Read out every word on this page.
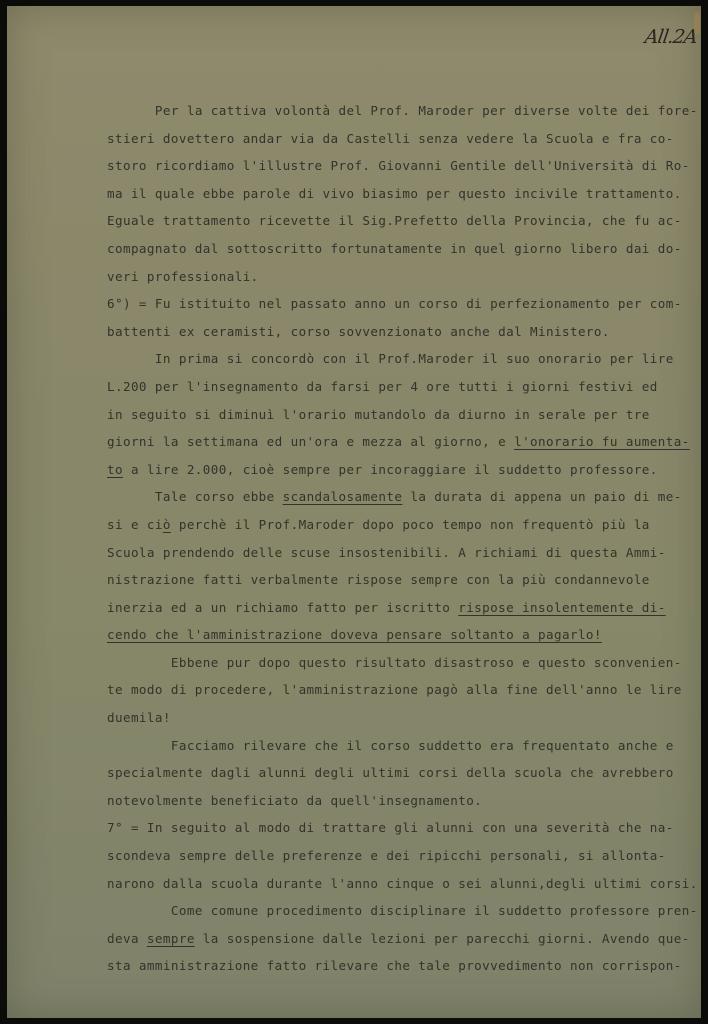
All.2A
Per la cattiva volontà del Prof. Maroder per diverse volte dei fore-
stieri dovettero andar via da Castelli senza vedere la Scuola e fra co-
storo ricordiamo l'illustre Prof. Giovanni Gentile dell'Università di Ro-
ma il quale ebbe parole di vivo biasimo per questo incivile trattamento.
Eguale trattamento ricevette il Sig.Prefetto della Provincia, che fu ac-
compagnato dal sottoscritto fortunatamente in quel giorno libero dai do-
veri professionali.
6°) = Fu istituito nel passato anno un corso di perfezionamento per com-
battenti ex ceramisti, corso sovvenzionato anche dal Ministero.
In prima si concordò con il Prof.Maroder il suo onorario per lire
L.200 per l'insegnamento da farsi per 4 ore tutti i giorni festivi ed
in seguito si diminuì l'orario mutandolo da diurno in serale per tre
giorni la settimana ed un'ora e mezza al giorno, e l'onorario fu aumenta-
to a lire 2.000, cioè sempre per incoraggiare il suddetto professore.
Tale corso ebbe scandalosamente la durata di appena un paio di me-
si e ciò perchè il Prof.Maroder dopo poco tempo non frequentò più la
Scuola prendendo delle scuse insostenibili. A richiami di questa Ammi-
nistrazione fatti verbalmente rispose sempre con la più condannevole
inerzia ed a un richiamo fatto per iscritto rispose insolentemente di-
cendo che l'amministrazione doveva pensare soltanto a pagarlo!
Ebbene pur dopo questo risultato disastroso e questo sconvenien-
te modo di procedere, l'amministrazione pagò alla fine dell'anno le lire
duemila!
Facciamo rilevare che il corso suddetto era frequentato anche e
specialmente dagli alunni degli ultimi corsi della scuola che avrebbero
notevolmente beneficiato da quell'insegnamento.
7° = In seguito al modo di trattare gli alunni con una severità che na-
scondeva sempre delle preferenze e dei ripicchi personali, si allonta-
narono dalla scuola durante l'anno cinque o sei alunni,degli ultimi corsi.
Come comune procedimento disciplinare il suddetto professore pren-
deva sempre la sospensione dalle lezioni per parecchi giorni. Avendo que-
sta amministrazione fatto rilevare che tale provvedimento non corrispon-
